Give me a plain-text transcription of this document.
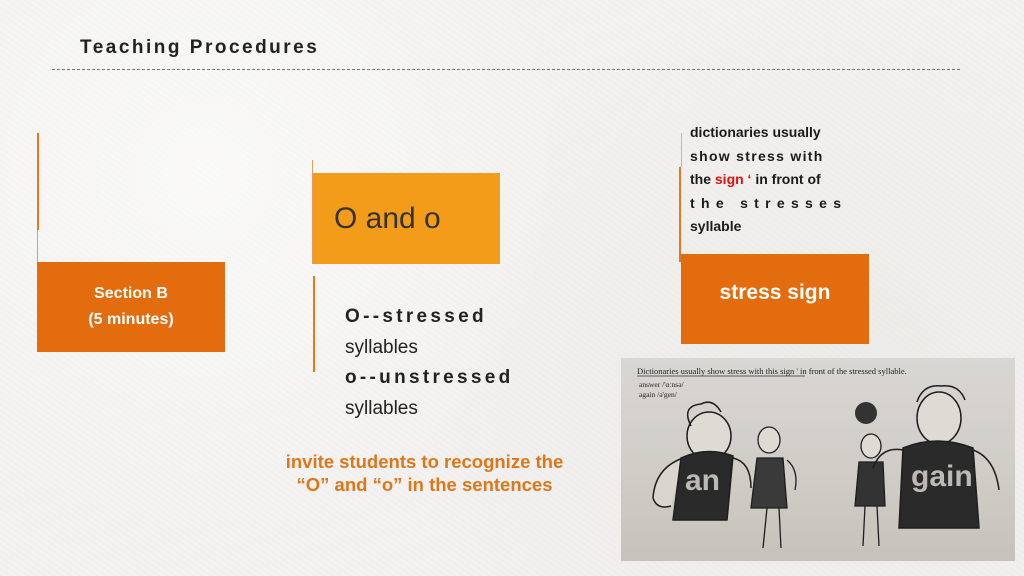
Teaching Procedures
Section B
(5 minutes)
O and o
O--stressed
syllables
o--unstressed
syllables
invite students to recognize the
“O” and “o” in the sentences
dictionaries usually
show stress with
the sign ‘ in front of
the stresses
syllable
stress sign
Dictionaries usually show stress with this sign ' in front of the stressed syllable.
answer /'ɑːnsə/
again /ə'gen/
an	gain
